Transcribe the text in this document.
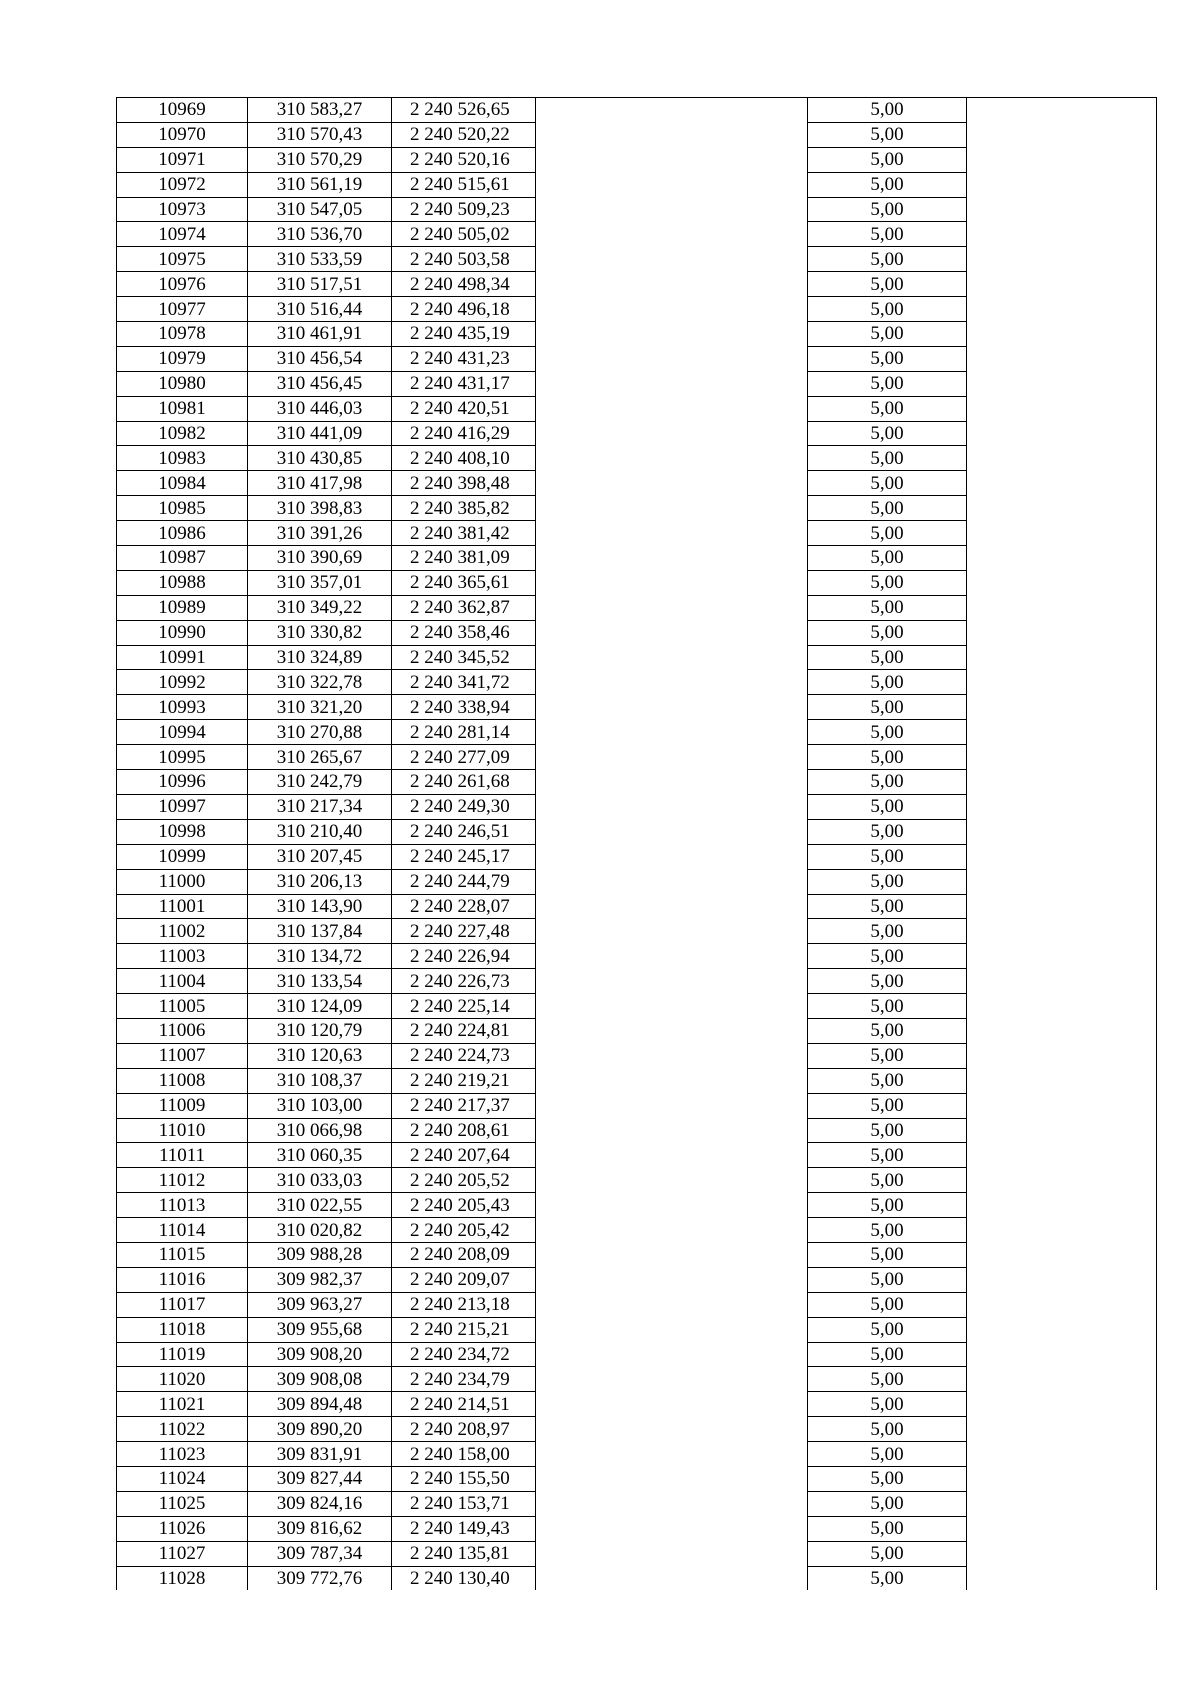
10969	310 583,27	2 240 526,65		5,00	
10970	310 570,43	2 240 520,22		5,00	
10971	310 570,29	2 240 520,16		5,00	
10972	310 561,19	2 240 515,61		5,00	
10973	310 547,05	2 240 509,23		5,00	
10974	310 536,70	2 240 505,02		5,00	
10975	310 533,59	2 240 503,58		5,00	
10976	310 517,51	2 240 498,34		5,00	
10977	310 516,44	2 240 496,18		5,00	
10978	310 461,91	2 240 435,19		5,00	
10979	310 456,54	2 240 431,23		5,00	
10980	310 456,45	2 240 431,17		5,00	
10981	310 446,03	2 240 420,51		5,00	
10982	310 441,09	2 240 416,29		5,00	
10983	310 430,85	2 240 408,10		5,00	
10984	310 417,98	2 240 398,48		5,00	
10985	310 398,83	2 240 385,82		5,00	
10986	310 391,26	2 240 381,42		5,00	
10987	310 390,69	2 240 381,09		5,00	
10988	310 357,01	2 240 365,61		5,00	
10989	310 349,22	2 240 362,87		5,00	
10990	310 330,82	2 240 358,46		5,00	
10991	310 324,89	2 240 345,52		5,00	
10992	310 322,78	2 240 341,72		5,00	
10993	310 321,20	2 240 338,94		5,00	
10994	310 270,88	2 240 281,14		5,00	
10995	310 265,67	2 240 277,09		5,00	
10996	310 242,79	2 240 261,68		5,00	
10997	310 217,34	2 240 249,30		5,00	
10998	310 210,40	2 240 246,51		5,00	
10999	310 207,45	2 240 245,17		5,00	
11000	310 206,13	2 240 244,79		5,00	
11001	310 143,90	2 240 228,07		5,00	
11002	310 137,84	2 240 227,48		5,00	
11003	310 134,72	2 240 226,94		5,00	
11004	310 133,54	2 240 226,73		5,00	
11005	310 124,09	2 240 225,14		5,00	
11006	310 120,79	2 240 224,81		5,00	
11007	310 120,63	2 240 224,73		5,00	
11008	310 108,37	2 240 219,21		5,00	
11009	310 103,00	2 240 217,37		5,00	
11010	310 066,98	2 240 208,61		5,00	
11011	310 060,35	2 240 207,64		5,00	
11012	310 033,03	2 240 205,52		5,00	
11013	310 022,55	2 240 205,43		5,00	
11014	310 020,82	2 240 205,42		5,00	
11015	309 988,28	2 240 208,09		5,00	
11016	309 982,37	2 240 209,07		5,00	
11017	309 963,27	2 240 213,18		5,00	
11018	309 955,68	2 240 215,21		5,00	
11019	309 908,20	2 240 234,72		5,00	
11020	309 908,08	2 240 234,79		5,00	
11021	309 894,48	2 240 214,51		5,00	
11022	309 890,20	2 240 208,97		5,00	
11023	309 831,91	2 240 158,00		5,00	
11024	309 827,44	2 240 155,50		5,00	
11025	309 824,16	2 240 153,71		5,00	
11026	309 816,62	2 240 149,43		5,00	
11027	309 787,34	2 240 135,81		5,00	
11028	309 772,76	2 240 130,40		5,00	
